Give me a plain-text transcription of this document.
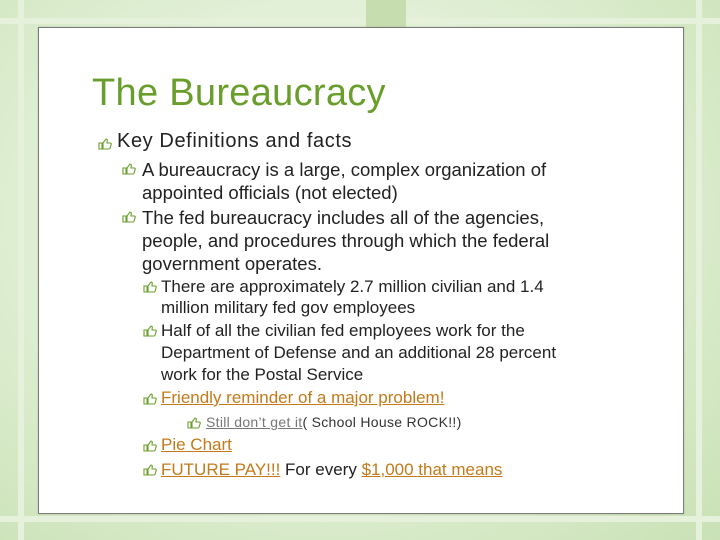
The Bureaucracy
Key Definitions and facts
A bureaucracy is a large, complex organization of
appointed officials (not elected)
The fed bureaucracy includes all of the agencies,
people, and procedures through which the federal
government operates.
There are approximately 2.7 million civilian and 1.4
million military fed gov employees
Half of all the civilian fed employees work for the
Department of Defense and an additional 28 percent
work for the Postal Service
Friendly reminder of a major problem!
Still don’t get it( School House ROCK!!)
Pie Chart
FUTURE PAY!!! For every $1,000 that means
